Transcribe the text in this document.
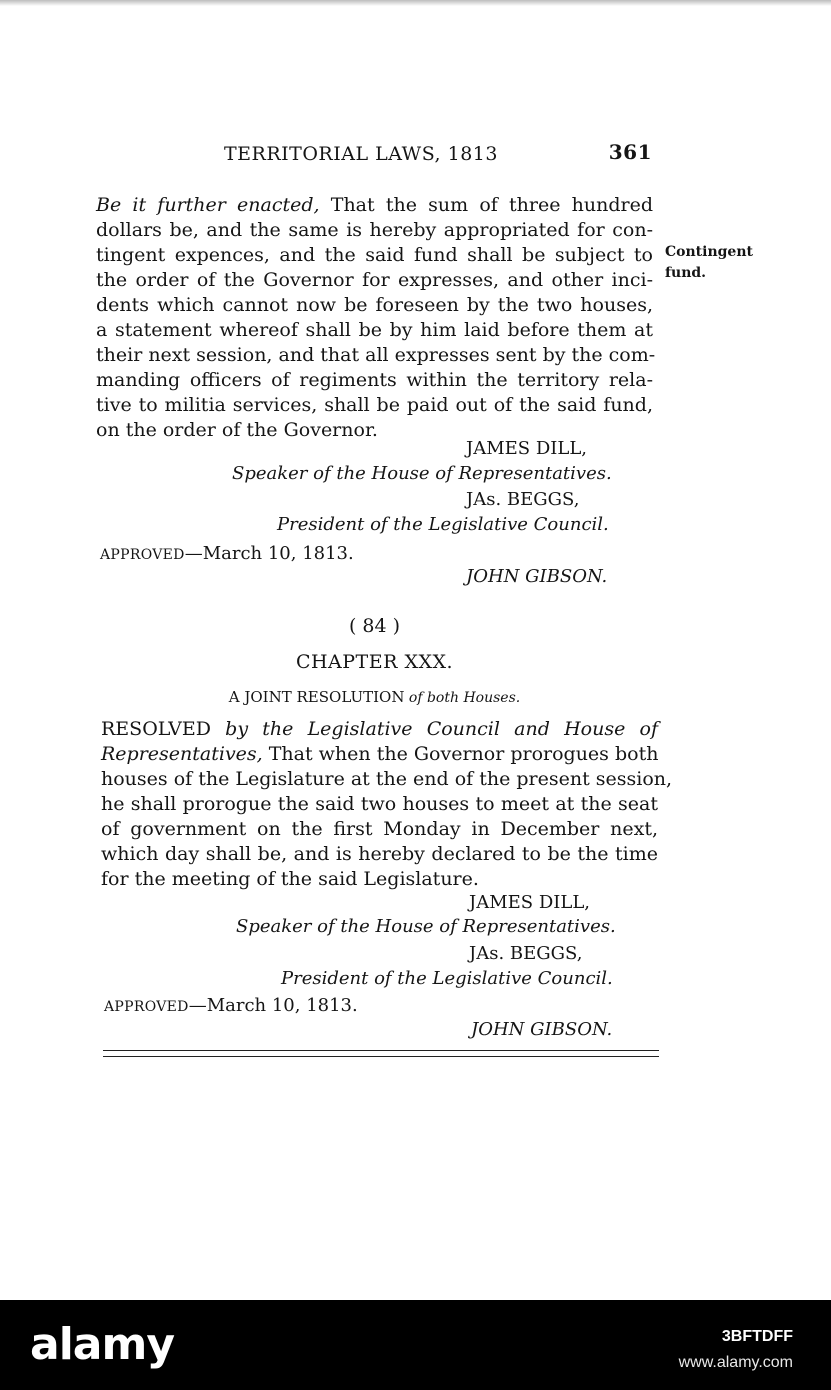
TERRITORIAL LAWS, 1813	361
Contingent
fund.
Be it further enacted, That the sum of three hundred
dollars be, and the same is hereby appropriated for con-
tingent expences, and the said fund shall be subject to
the order of the Governor for expresses, and other inci-
dents which cannot now be foreseen by the two houses,
a statement whereof shall be by him laid before them at
their next session, and that all expresses sent by the com-
manding officers of regiments within the territory rela-
tive to militia services, shall be paid out of the said fund,
on the order of the Governor.
JAMES DILL,
Speaker of the House of Representatives.
JAs. BEGGS,
President of the Legislative Council.
APPROVED—March 10, 1813.
JOHN GIBSON.
( 84 )
CHAPTER XXX.
A JOINT RESOLUTION of both Houses.
RESOLVED by the Legislative Council and House of
Representatives, That when the Governor prorogues both
houses of the Legislature at the end of the present session,
he shall prorogue the said two houses to meet at the seat
of government on the first Monday in December next,
which day shall be, and is hereby declared to be the time
for the meeting of the said Legislature.
JAMES DILL,
Speaker of the House of Representatives.
JAs. BEGGS,
President of the Legislative Council.
APPROVED—March 10, 1813.
JOHN GIBSON.
alamy	3BFTDFF
www.alamy.com
